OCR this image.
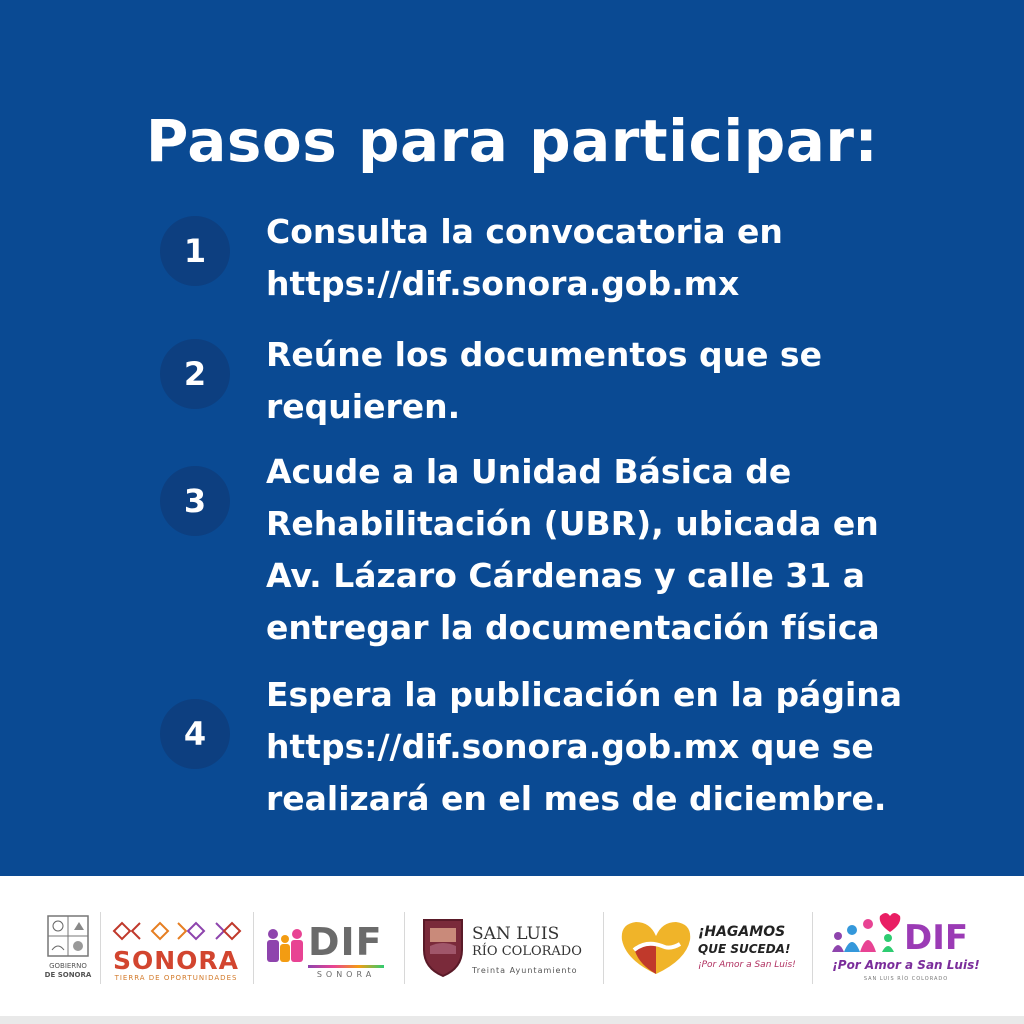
Pasos para participar:
1	Consulta la convocatoria en
https://dif.sonora.gob.mx
2	Reúne los documentos que se
requieren.
3
Acude a la Unidad Básica de
Rehabilitación (UBR), ubicada en
Av. Lázaro Cárdenas y calle 31 a
entregar la documentación física
4
Espera la publicación en la página
https://dif.sonora.gob.mx que se
realizará en el mes de diciembre.
GOBIERNO
DE SONORA SONORA
TIERRA DE OPORTUNIDADES
DIF
SONORA
SAN LUIS
RÍO COLORADO
Treinta Ayuntamiento
¡HAGAMOS
QUE SUCEDA!
¡Por Amor a San Luis!
DIF
¡Por Amor a San Luis!
SAN LUIS RÍO COLORADO
